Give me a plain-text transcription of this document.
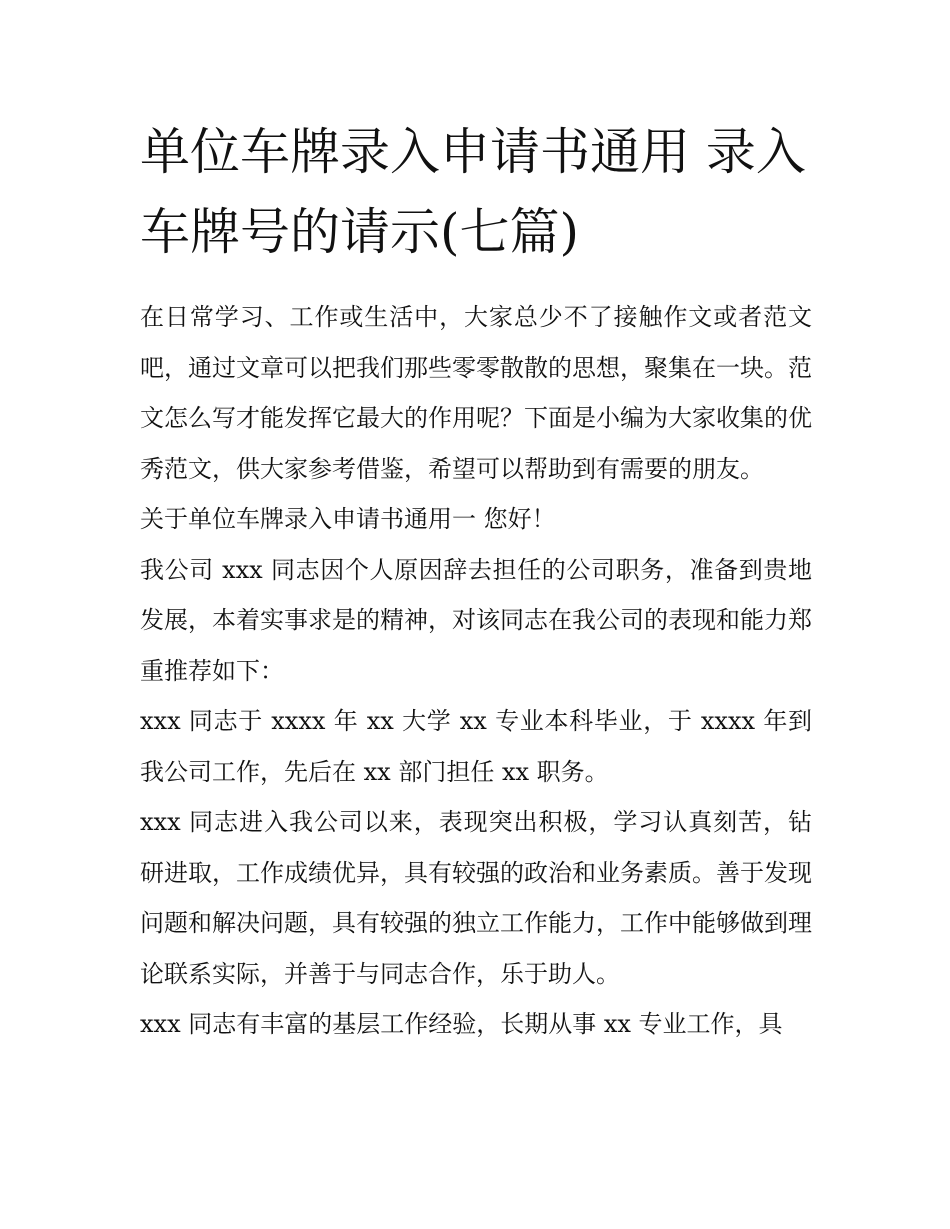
单位车牌录入申请书通用 录入车牌号的请示(七篇)

在日常学习、工作或生活中，大家总少不了接触作文或者范文吧，通过文章可以把我们那些零零散散的思想，聚集在一块。范文怎么写才能发挥它最大的作用呢？下面是小编为大家收集的优秀范文，供大家参考借鉴，希望可以帮助到有需要的朋友。

关于单位车牌录入申请书通用一 您好！

我公司 xxx 同志因个人原因辞去担任的公司职务，准备到贵地发展，本着实事求是的精神，对该同志在我公司的表现和能力郑重推荐如下：

xxx 同志于 xxxx 年 xx 大学 xx 专业本科毕业，于 xxxx 年到我公司工作，先后在 xx 部门担任 xx 职务。

xxx 同志进入我公司以来，表现突出积极，学习认真刻苦，钻研进取，工作成绩优异，具有较强的政治和业务素质。善于发现问题和解决问题，具有较强的独立工作能力，工作中能够做到理论联系实际，并善于与同志合作，乐于助人。

xxx 同志有丰富的基层工作经验，长期从事 xx 专业工作，具
